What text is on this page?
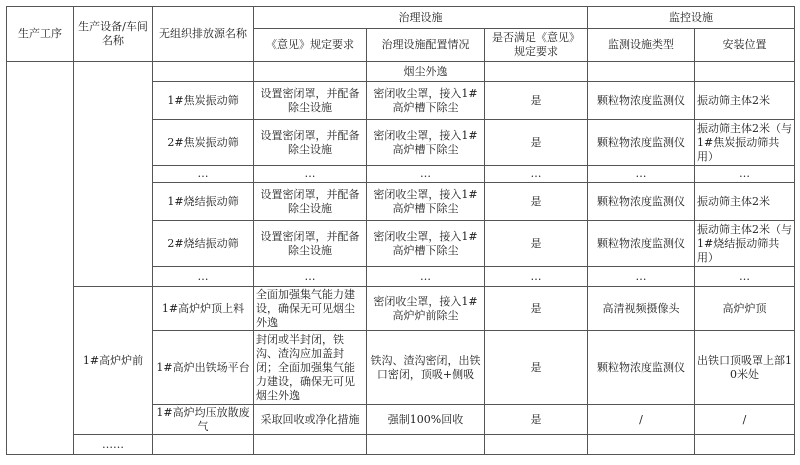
生产工序	生产设备/车间名称	无组织排放源名称	治理设施			监控设施	
			《意见》规定要求	治理设施配置情况	是否满足《意见》规定要求	监测设施类型	安装位置
				烟尘外逸			
		1#焦炭振动筛	设置密闭罩，并配备除尘设施	密闭收尘罩，接入1#高炉槽下除尘	是	颗粒物浓度监测仪	振动筛主体2米
		2#焦炭振动筛	设置密闭罩，并配备除尘设施	密闭收尘罩，接入1#高炉槽下除尘	是	颗粒物浓度监测仪	振动筛主体2米（与1#焦炭振动筛共用）
		…	…	…	…	…	…
		1#烧结振动筛	设置密闭罩，并配备除尘设施	密闭收尘罩，接入1#高炉槽下除尘	是	颗粒物浓度监测仪	振动筛主体2米
		2#烧结振动筛	设置密闭罩，并配备除尘设施	密闭收尘罩，接入1#高炉槽下除尘	是	颗粒物浓度监测仪	振动筛主体2米（与1#烧结振动筛共用）
		…	…	…	…	…	…
	1#高炉炉前	1#高炉炉顶上料	全面加强集气能力建设，确保无可见烟尘外逸	密闭收尘罩，接入1#高炉炉前除尘	是	高清视频摄像头	高炉炉顶
		1#高炉出铁场平台	封闭或半封闭，铁沟、渣沟应加盖封闭；全面加强集气能力建设，确保无可见烟尘外逸	铁沟、渣沟密闭，出铁口密闭，顶吸+侧吸	是	颗粒物浓度监测仪	出铁口顶吸罩上部10米处
		1#高炉均压放散废气	采取回收或净化措施	强制100%回收	是	/	/
	……						
